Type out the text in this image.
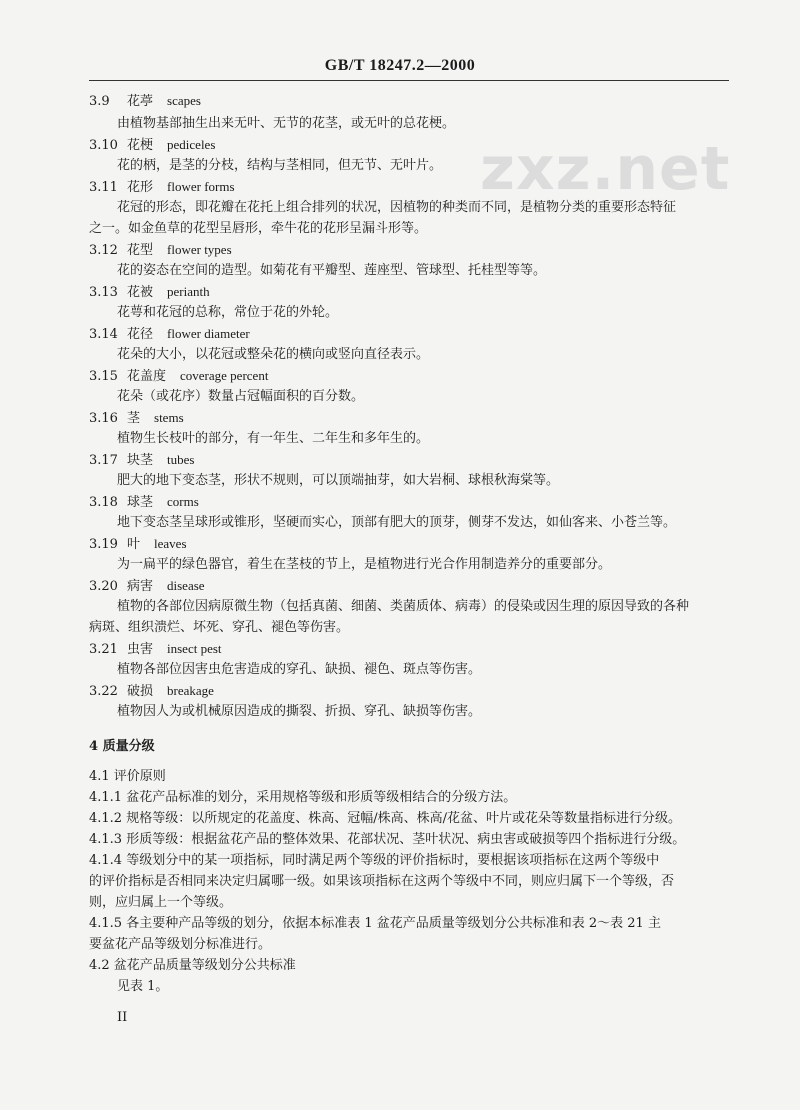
GB/T 18247.2—2000
zxz.net
3.9 花葶 scapes
由植物基部抽生出来无叶、无节的花茎，或无叶的总花梗。
3.10 花梗 pediceles
花的柄，是茎的分枝，结构与茎相同，但无节、无叶片。
3.11 花形 flower forms
花冠的形态，即花瓣在花托上组合排列的状况，因植物的种类而不同，是植物分类的重要形态特征
之一。如金鱼草的花型呈唇形，牵牛花的花形呈漏斗形等。
3.12 花型 flower types
花的姿态在空间的造型。如菊花有平瓣型、莲座型、管球型、托桂型等等。
3.13 花被 perianth
花萼和花冠的总称，常位于花的外轮。
3.14 花径 flower diameter
花朵的大小，以花冠或整朵花的横向或竖向直径表示。
3.15 花盖度 coverage percent
花朵（或花序）数量占冠幅面积的百分数。
3.16 茎 stems
植物生长枝叶的部分，有一年生、二年生和多年生的。
3.17 块茎 tubes
肥大的地下变态茎，形状不规则，可以顶端抽芽，如大岩桐、球根秋海棠等。
3.18 球茎 corms
地下变态茎呈球形或锥形，坚硬而实心，顶部有肥大的顶芽，侧芽不发达，如仙客来、小苍兰等。
3.19 叶 leaves
为一扁平的绿色器官，着生在茎枝的节上，是植物进行光合作用制造养分的重要部分。
3.20 病害 disease
植物的各部位因病原微生物（包括真菌、细菌、类菌质体、病毒）的侵染或因生理的原因导致的各种
病斑、组织溃烂、坏死、穿孔、褪色等伤害。
3.21 虫害 insect pest
植物各部位因害虫危害造成的穿孔、缺损、褪色、斑点等伤害。
3.22 破损 breakage
植物因人为或机械原因造成的撕裂、折损、穿孔、缺损等伤害。
4 质量分级
4.1 评价原则
4.1.1 盆花产品标准的划分，采用规格等级和形质等级相结合的分级方法。
4.1.2 规格等级：以所规定的花盖度、株高、冠幅/株高、株高/花盆、叶片或花朵等数量指标进行分级。
4.1.3 形质等级：根据盆花产品的整体效果、花部状况、茎叶状况、病虫害或破损等四个指标进行分级。
4.1.4 等级划分中的某一项指标，同时满足两个等级的评价指标时，要根据该项指标在这两个等级中
的评价指标是否相同来决定归属哪一级。如果该项指标在这两个等级中不同，则应归属下一个等级，否
则，应归属上一个等级。
4.1.5 各主要种产品等级的划分，依据本标准表 1 盆花产品质量等级划分公共标准和表 2～表 21 主
要盆花产品等级划分标准进行。
4.2 盆花产品质量等级划分公共标准
见表 1。
II
